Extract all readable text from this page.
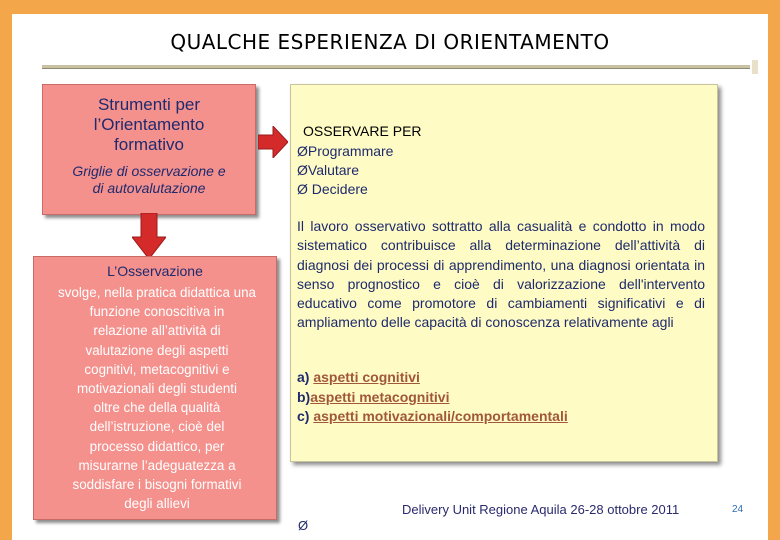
QUALCHE ESPERIENZA DI ORIENTAMENTO
Strumenti per
l’Orientamento
formativo
Griglie di osservazione e
di autovalutazione
L’Osservazione
svolge, nella pratica didattica una
funzione conoscitiva in
relazione all’attività di
valutazione degli aspetti
cognitivi, metacognitivi e
motivazionali degli studenti
oltre che della qualità
dell’istruzione, cioè del
processo didattico, per
misurarne l’adeguatezza a
soddisfare i bisogni formativi
degli allievi
OSSERVARE PER
ØProgrammare
ØValutare
Ø Decidere
Il lavoro osservativo sottratto alla casualità e condotto in modo sistematico contribuisce alla determinazione dell’attività di diagnosi dei processi di apprendimento, una diagnosi orientata in senso prognostico e cioè di valorizzazione dell'intervento educativo come promotore di cambiamenti significativi e di ampliamento delle capacità di conoscenza relativamente agli
a) aspetti cognitivi
b)aspetti metacognitivi
c) aspetti motivazionali/comportamentali
Delivery Unit Regione Aquila 26-28 ottobre 2011	24
Ø
